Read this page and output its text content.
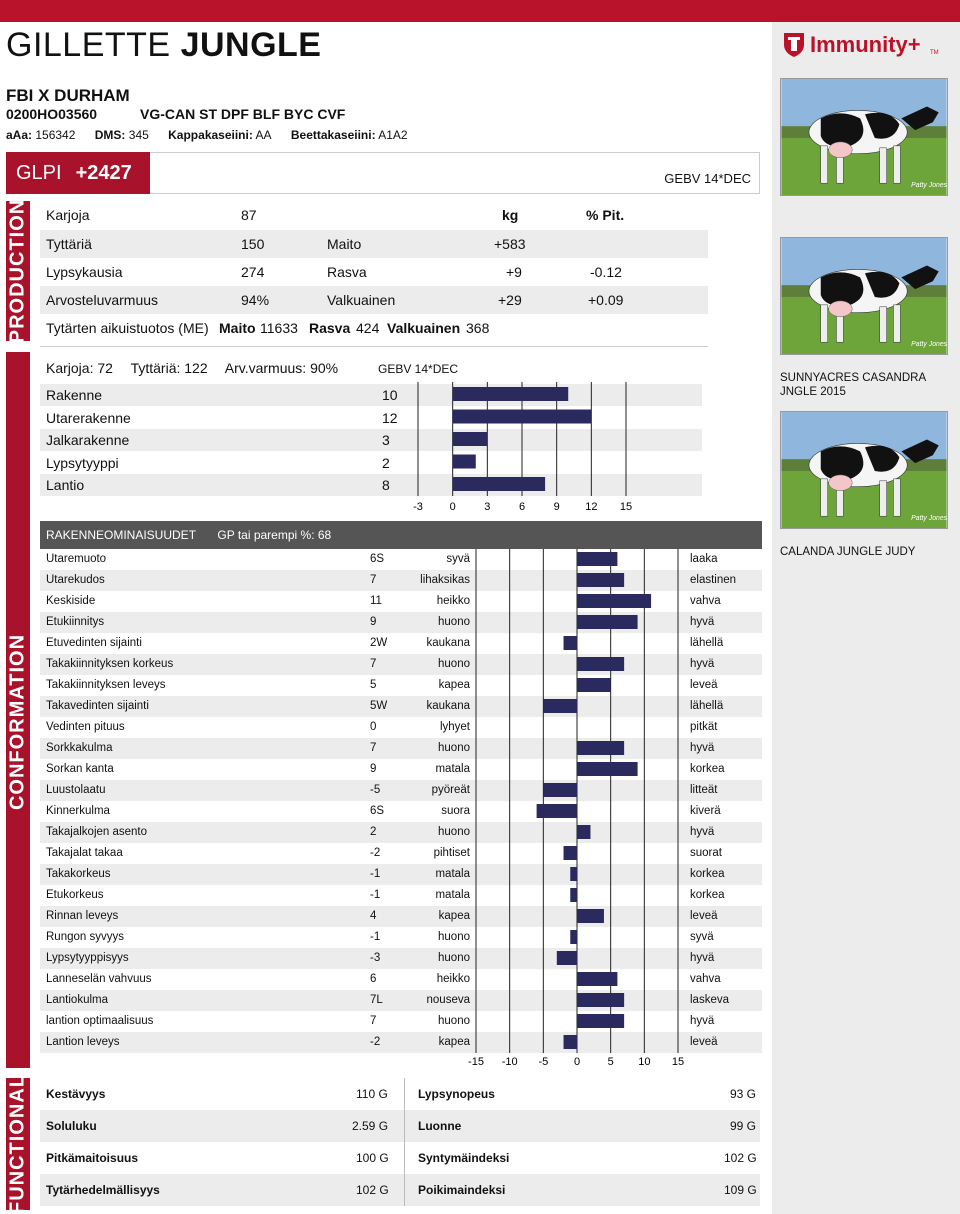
GILLETTE JUNGLE
FBI X DURHAM
0200HO03560	VG-CAN ST DPF BLF BYC CVF
aAa: 156342 DMS: 345 Kappakaseiini: AA Beettakaseiini: A1A2
GLPI +2427	GEBV 14*DEC
PRODUCTION
CONFORMATION
FUNCTIONAL
Karjoja	87	kg	% Pit.
Tyttäriä	150	Maito	+583
Lypsykausia	274	Rasva	+9	-0.12
Arvosteluvarmuus	94%	Valkuainen	+29	+0.09
Tytärten aikuistuotos (ME) Maito 11633 Rasva 424 Valkuainen 368
Karjoja: 72 Tyttäriä: 122 Arv.varmuus: 90%	GEBV 14*DEC
Rakenne	10
Utarerakenne	12
Jalkarakenne	3
Lypsytyyppi	2
Lantio	8
-3 0	3	6	9 12 15
RAKENNEOMINAISUUDET GP tai parempi %: 68
Utaremuoto	6S	syvä	laaka
Utarekudos	7	lihaksikas	elastinen
Keskiside	11	heikko	vahva
Etukiinnitys	9	huono	hyvä
Etuvedinten sijainti	2W	kaukana	lähellä
Takakiinnityksen korkeus	7	huono	hyvä
Takakiinnityksen leveys	5	kapea	leveä
Takavedinten sijainti	5W	kaukana	lähellä
Vedinten pituus	0	lyhyet	pitkät
Sorkkakulma	7	huono	hyvä
Sorkan kanta	9	matala	korkea
Luustolaatu	-5	pyöreät	litteät
Kinnerkulma	6S	suora	kiverä
Takajalkojen asento	2	huono	hyvä
Takajalat takaa	-2	pihtiset	suorat
Takakorkeus	-1	matala	korkea
Etukorkeus	-1	matala	korkea
Rinnan leveys	4	kapea	leveä
Rungon syvyys	-1	huono	syvä
Lypsytyyppisyys	-3	huono	hyvä
Lanneselän vahvuus	6	heikko	vahva
Lantiokulma	7L	nouseva	laskeva
lantion optimaalisuus	7	huono	hyvä
Lantion leveys	-2	kapea	leveä
-15 -10 -5 0	5 10 15
Kestävyys	110 G	Lypsynopeus	93 G
Soluluku	2.59 G Luonne	99 G
Pitkämaitoisuus	100 G Syntymäindeksi	102 G
Tytärhedelmällisyys	102 G Poikimaindeksi	109 G
Immunity+ TM
Patty Jones
Patty Jones
Patty Jones
SUNNYACRES CASANDRA JNGLE 2015
CALANDA JUNGLE JUDY
